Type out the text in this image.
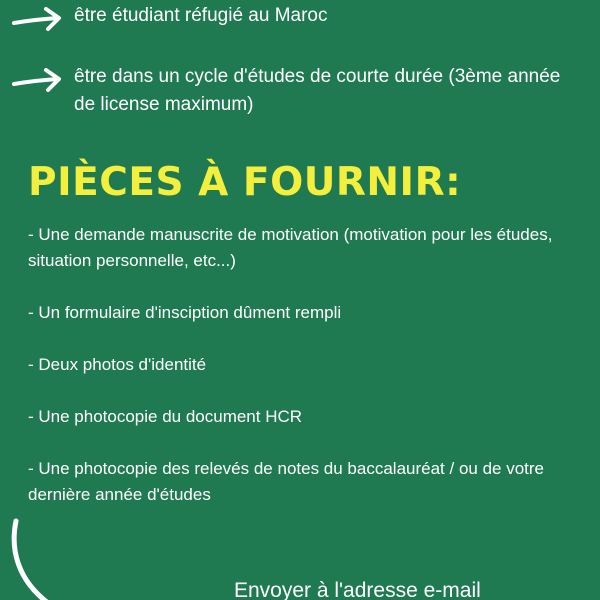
être étudiant réfugié au Maroc
être dans un cycle d'études de courte durée (3ème année de license maximum)
PIÈCES À FOURNIR:
- Une demande manuscrite de motivation (motivation pour les études, situation personnelle, etc...)
- Un formulaire d'insciption dûment rempli
- Deux photos d'identité
- Une photocopie du document HCR
- Une photocopie des relevés de notes du baccalauréat / ou de votre dernière année d'études
Envoyer à l'adresse e-mail
